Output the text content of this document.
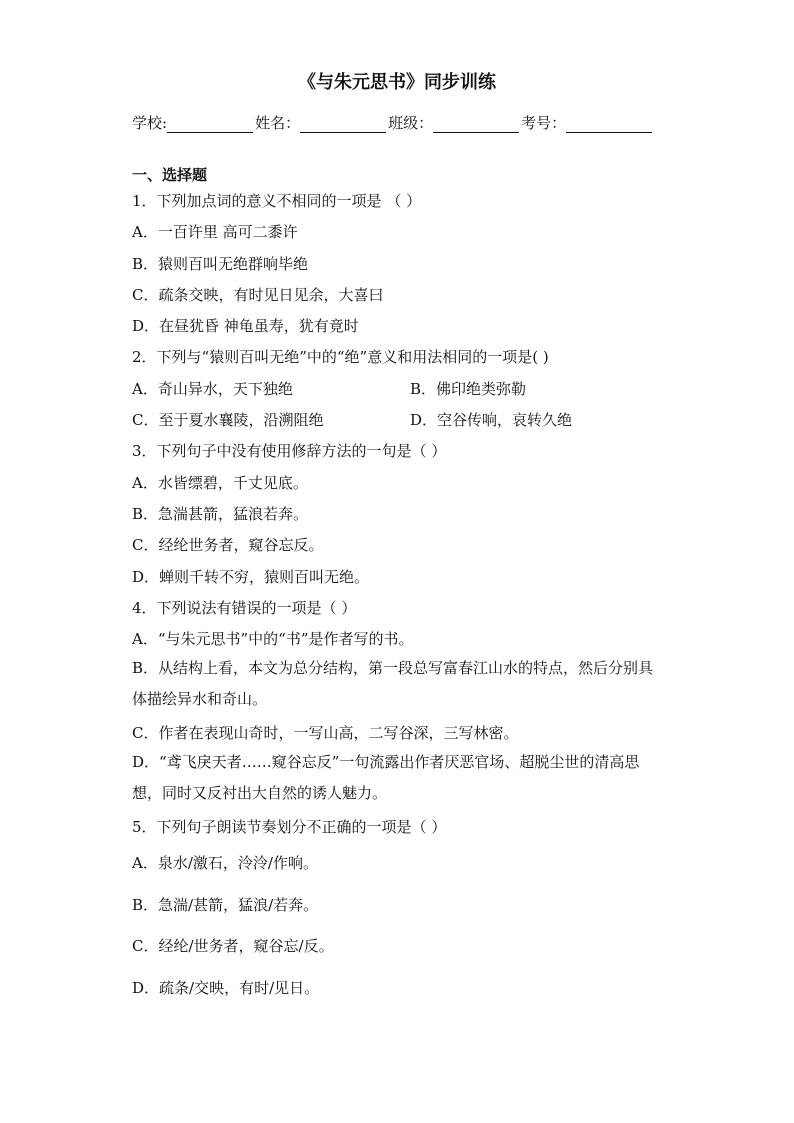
《与朱元思书》同步训练
学校:	姓名：	班级：	考号：
一、选择题
1．下列加点词的意义不相同的一项是 （ ）
A．一百许里 高可二黍许
B．猿则百叫无绝群响毕绝
C．疏条交映，有时见日见余，大喜曰
D．在昼犹昏 神龟虽寿，犹有竟时
2．下列与“猿则百叫无绝”中的“绝”意义和用法相同的一项是( )
A．奇山异水，天下独绝	B．佛印绝类弥勒
C．至于夏水襄陵，沿溯阻绝	D．空谷传响，哀转久绝
3．下列句子中没有使用修辞方法的一句是（ ）
A．水皆缥碧，千丈见底。
B．急湍甚箭，猛浪若奔。
C．经纶世务者，窥谷忘反。
D．蝉则千转不穷，猿则百叫无绝。
4．下列说法有错误的一项是（ ）
A．“与朱元思书”中的“书”是作者写的书。
B．从结构上看，本文为总分结构，第一段总写富春江山水的特点，然后分别具体描绘异水和奇山。
C．作者在表现山奇时，一写山高，二写谷深，三写林密。
D．“鸢飞戾天者……窥谷忘反”一句流露出作者厌恶官场、超脱尘世的清高思想，同时又反衬出大自然的诱人魅力。
5．下列句子朗读节奏划分不正确的一项是（ ）
A．泉水/激石，泠泠/作响。
B．急湍/甚箭，猛浪/若奔。
C．经纶/世务者，窥谷忘/反。
D．疏条/交映，有时/见日。
